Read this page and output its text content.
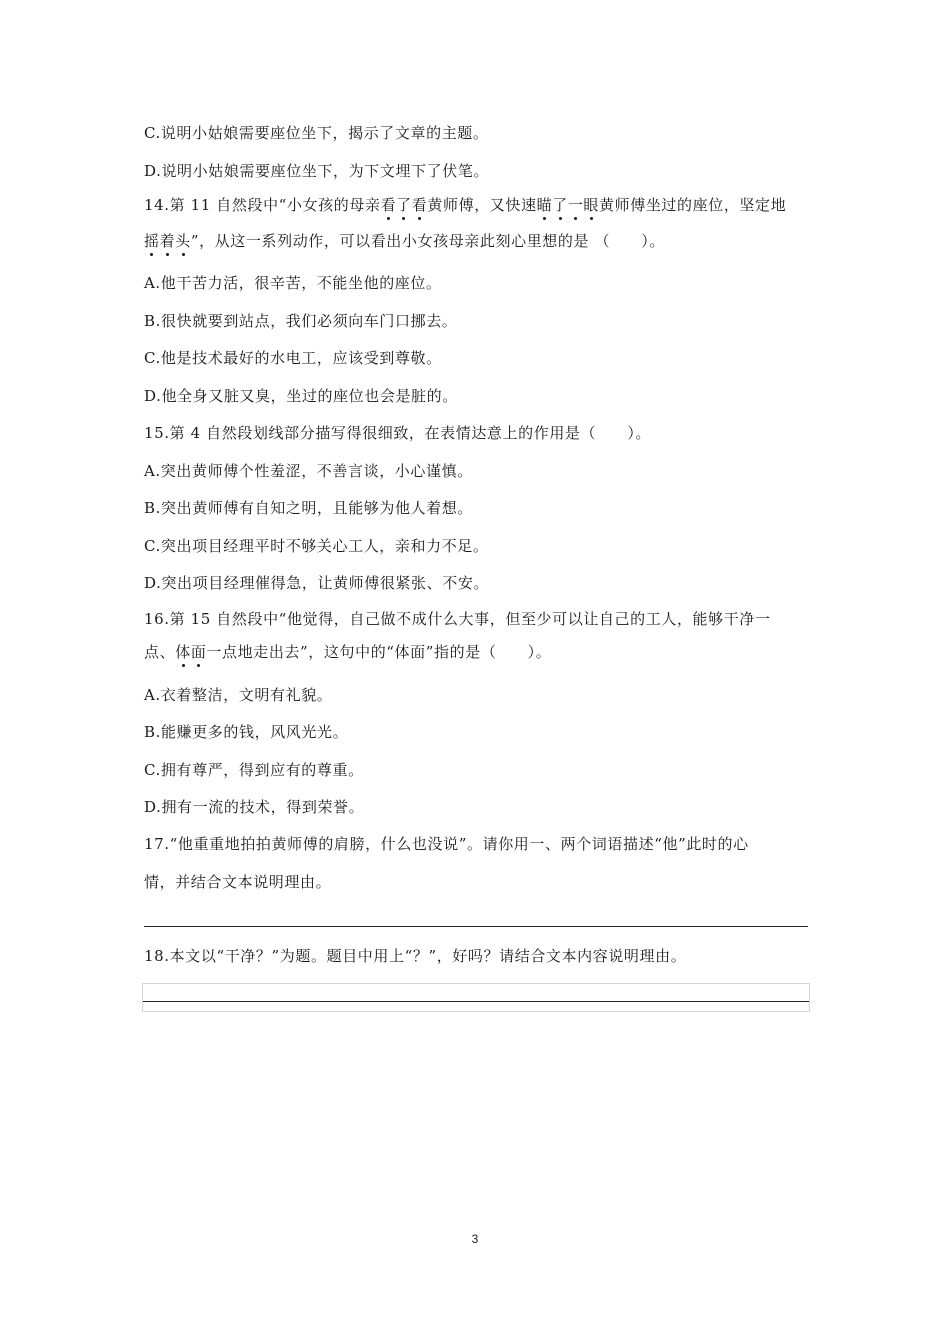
C.说明小姑娘需要座位坐下，揭示了文章的主题。
D.说明小姑娘需要座位坐下，为下文埋下了伏笔。
14.第 11 自然段中“小女孩的母亲看了看黄师傅，又快速瞄了一眼黄师傅坐过的座位，坚定地
摇着头”，从这一系列动作，可以看出小女孩母亲此刻心里想的是 （　　）。
A.他干苦力活，很辛苦，不能坐他的座位。
B.很快就要到站点，我们必须向车门口挪去。
C.他是技术最好的水电工，应该受到尊敬。
D.他全身又脏又臭，坐过的座位也会是脏的。
15.第 4 自然段划线部分描写得很细致，在表情达意上的作用是（　　）。
A.突出黄师傅个性羞涩，不善言谈，小心谨慎。
B.突出黄师傅有自知之明，且能够为他人着想。
C.突出项目经理平时不够关心工人，亲和力不足。
D.突出项目经理催得急，让黄师傅很紧张、不安。
16.第 15 自然段中“他觉得，自己做不成什么大事，但至少可以让自己的工人，能够干净一
点、体面一点地走出去”，这句中的“体面”指的是（　　）。
A.衣着整洁，文明有礼貌。
B.能赚更多的钱，风风光光。
C.拥有尊严，得到应有的尊重。
D.拥有一流的技术，得到荣誉。
17.“他重重地拍拍黄师傅的肩膀，什么也没说”。请你用一、两个词语描述“他”此时的心
情，并结合文本说明理由。
18.本文以“干净？”为题。题目中用上“？”，好吗？请结合文本内容说明理由。
3
